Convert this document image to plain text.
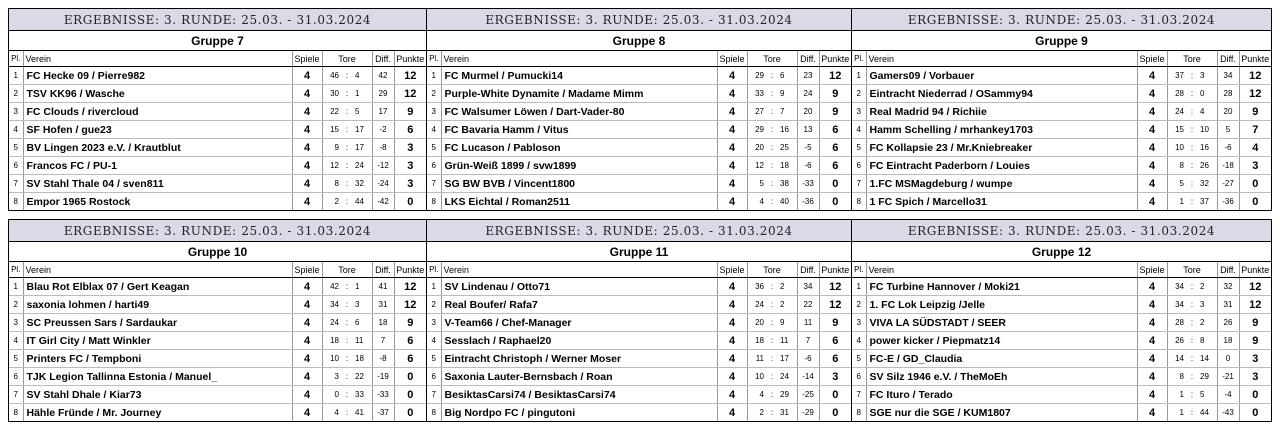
ERGEBNISSE: 3. RUNDE: 25.03. - 31.03.2024
Gruppe 7
Pl.	Verein	Spiele	Tore			Diff.	Punkte
1	FC Hecke 09 / Pierre982	4	46	:	4	42	12
2	TSV KK96 / Wasche	4	30	:	1	29	12
3	FC Clouds / rivercloud	4	22	:	5	17	9
4	SF Hofen / gue23	4	15	:	17	-2	6
5	BV Lingen 2023 e.V. / Krautblut	4	9	:	17	-8	3
6	Francos FC / PU-1	4	12	:	24	-12	3
7	SV Stahl Thale 04 / sven811	4	8	:	32	-24	3
8	Empor 1965 Rostock	4	2	:	44	-42	0
ERGEBNISSE: 3. RUNDE: 25.03. - 31.03.2024
Gruppe 8
Pl.	Verein	Spiele	Tore			Diff.	Punkte
1	FC Murmel / Pumucki14	4	29	:	6	23	12
2	Purple-White Dynamite / Madame Mimm	4	33	:	9	24	9
3	FC Walsumer Löwen / Dart-Vader-80	4	27	:	7	20	9
4	FC Bavaria Hamm / Vitus	4	29	:	16	13	6
5	FC Lucason / Pabloson	4	20	:	25	-5	6
6	Grün-Weiß 1899 / svw1899	4	12	:	18	-6	6
7	SG BW BVB / Vincent1800	4	5	:	38	-33	0
8	LKS Eichtal / Roman2511	4	4	:	40	-36	0
ERGEBNISSE: 3. RUNDE: 25.03. - 31.03.2024
Gruppe 9
Pl.	Verein	Spiele	Tore			Diff.	Punkte
1	Gamers09 / Vorbauer	4	37	:	3	34	12
2	Eintracht Niederrad / OSammy94	4	28	:	0	28	12
3	Real Madrid 94 / Richiie	4	24	:	4	20	9
4	Hamm Schelling / mrhankey1703	4	15	:	10	5	7
5	FC Kollapsie 23 / Mr.Kniebreaker	4	10	:	16	-6	4
6	FC Eintracht Paderborn / Louies	4	8	:	26	-18	3
7	1.FC MSMagdeburg / wumpe	4	5	:	32	-27	0
8	1 FC Spich / Marcello31	4	1	:	37	-36	0
ERGEBNISSE: 3. RUNDE: 25.03. - 31.03.2024
Gruppe 10
Pl.	Verein	Spiele	Tore			Diff.	Punkte
1	Blau Rot Elblax 07 / Gert Keagan	4	42	:	1	41	12
2	saxonia lohmen / harti49	4	34	:	3	31	12
3	SC Preussen Sars / Sardaukar	4	24	:	6	18	9
4	IT Girl City / Matt Winkler	4	18	:	11	7	6
5	Printers FC / Tempboni	4	10	:	18	-8	6
6	TJK Legion Tallinna Estonia / Manuel_	4	3	:	22	-19	0
7	SV Stahl Dhale / Kiar73	4	0	:	33	-33	0
8	Hähle Fründe / Mr. Journey	4	4	:	41	-37	0
ERGEBNISSE: 3. RUNDE: 25.03. - 31.03.2024
Gruppe 11
Pl.	Verein	Spiele	Tore			Diff.	Punkte
1	SV Lindenau / Otto71	4	36	:	2	34	12
2	Real Boufer/ Rafa7	4	24	:	2	22	12
3	V-Team66 / Chef-Manager	4	20	:	9	11	9
4	Sesslach / Raphael20	4	18	:	11	7	6
5	Eintracht Christoph / Werner Moser	4	11	:	17	-6	6
6	Saxonia Lauter-Bernsbach / Roan	4	10	:	24	-14	3
7	BesiktasCarsi74 / BesiktasCarsi74	4	4	:	29	-25	0
8	Big Nordpo FC / pingutoni	4	2	:	31	-29	0
ERGEBNISSE: 3. RUNDE: 25.03. - 31.03.2024
Gruppe 12
Pl.	Verein	Spiele	Tore			Diff.	Punkte
1	FC Turbine Hannover / Moki21	4	34	:	2	32	12
2	1. FC Lok Leipzig /Jelle	4	34	:	3	31	12
3	VIVA LA SÜDSTADT / SEER	4	28	:	2	26	9
4	power kicker / Piepmatz14	4	26	:	8	18	9
5	FC-E / GD_Claudia	4	14	:	14	0	3
6	SV Silz 1946 e.V. / TheMoEh	4	8	:	29	-21	3
7	FC Ituro / Terado	4	1	:	5	-4	0
8	SGE nur die SGE / KUM1807	4	1	:	44	-43	0
